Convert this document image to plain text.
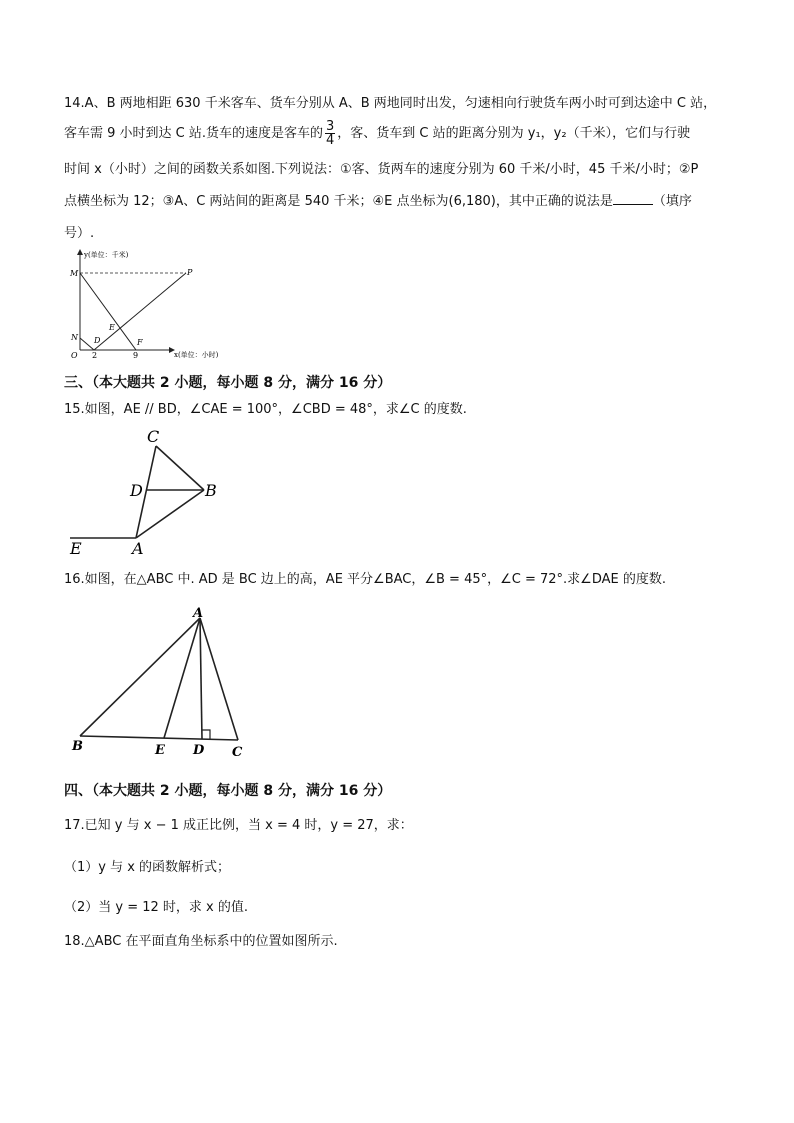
14.A、B 两地相距 630 千米客车、货车分别从 A、B 两地同时出发，匀速相向行驶货车两小时可到达途中 C 站，

客车需 9 小时到达 C 站.货车的速度是客车的 $\frac{3}{4}$ ，客、货车到 C 站的距离分别为 y₁，y₂（千米），它们与行驶

时间 x（小时）之间的函数关系如图.下列说法：①客、货两车的速度分别为 60 千米/小时，45 千米/小时；②P

点横坐标为 12；③A、C 两站间的距离是 540 千米；④E 点坐标为(6,180)，其中正确的说法是	（填序

号）.

y(单位：千米)
x(单位：小时)
M	P
N D
E
F
O 2	9
三、（本大题共 2 小题，每小题 8 分，满分 16 分）

15.如图，AE // BD，∠CAE = 100°，∠CBD = 48°，求∠C 的度数.

C
D	B
E	A

16.如图，在△ABC 中. AD 是 BC 边上的高，AE 平分∠BAC，∠B = 45°，∠C = 72°.求∠DAE 的度数.

A
B	E D C
四、（本大题共 2 小题，每小题 8 分，满分 16 分）

17.已知 y 与 x − 1 成正比例，当 x = 4 时，y = 27，求：

（1）y 与 x 的函数解析式；

（2）当 y = 12 时，求 x 的值.

18.△ABC 在平面直角坐标系中的位置如图所示.
